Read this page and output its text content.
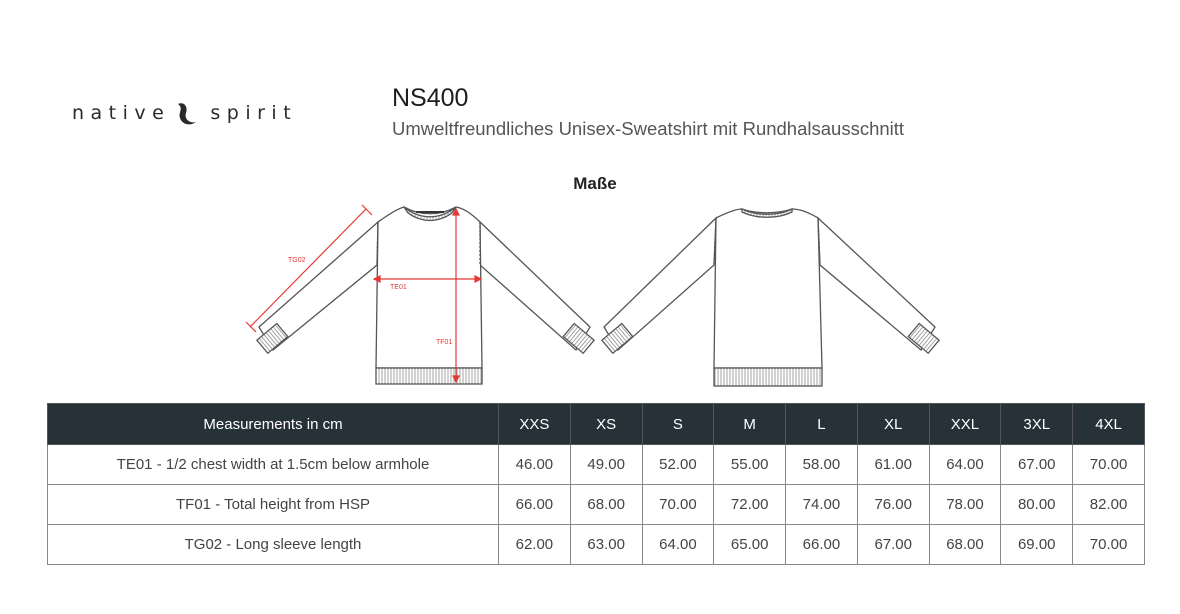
native spirit
NS400
Umweltfreundliches Unisex-Sweatshirt mit Rundhalsausschnitt
Maße
TG02
TE01
TF01
Measurements in cm	XXS	XS	S	M	L	XL	XXL	3XL	4XL
TE01 - 1/2 chest width at 1.5cm below armhole	46.00	49.00	52.00	55.00	58.00	61.00	64.00	67.00	70.00
TF01 - Total height from HSP	66.00	68.00	70.00	72.00	74.00	76.00	78.00	80.00	82.00
TG02 - Long sleeve length	62.00	63.00	64.00	65.00	66.00	67.00	68.00	69.00	70.00
